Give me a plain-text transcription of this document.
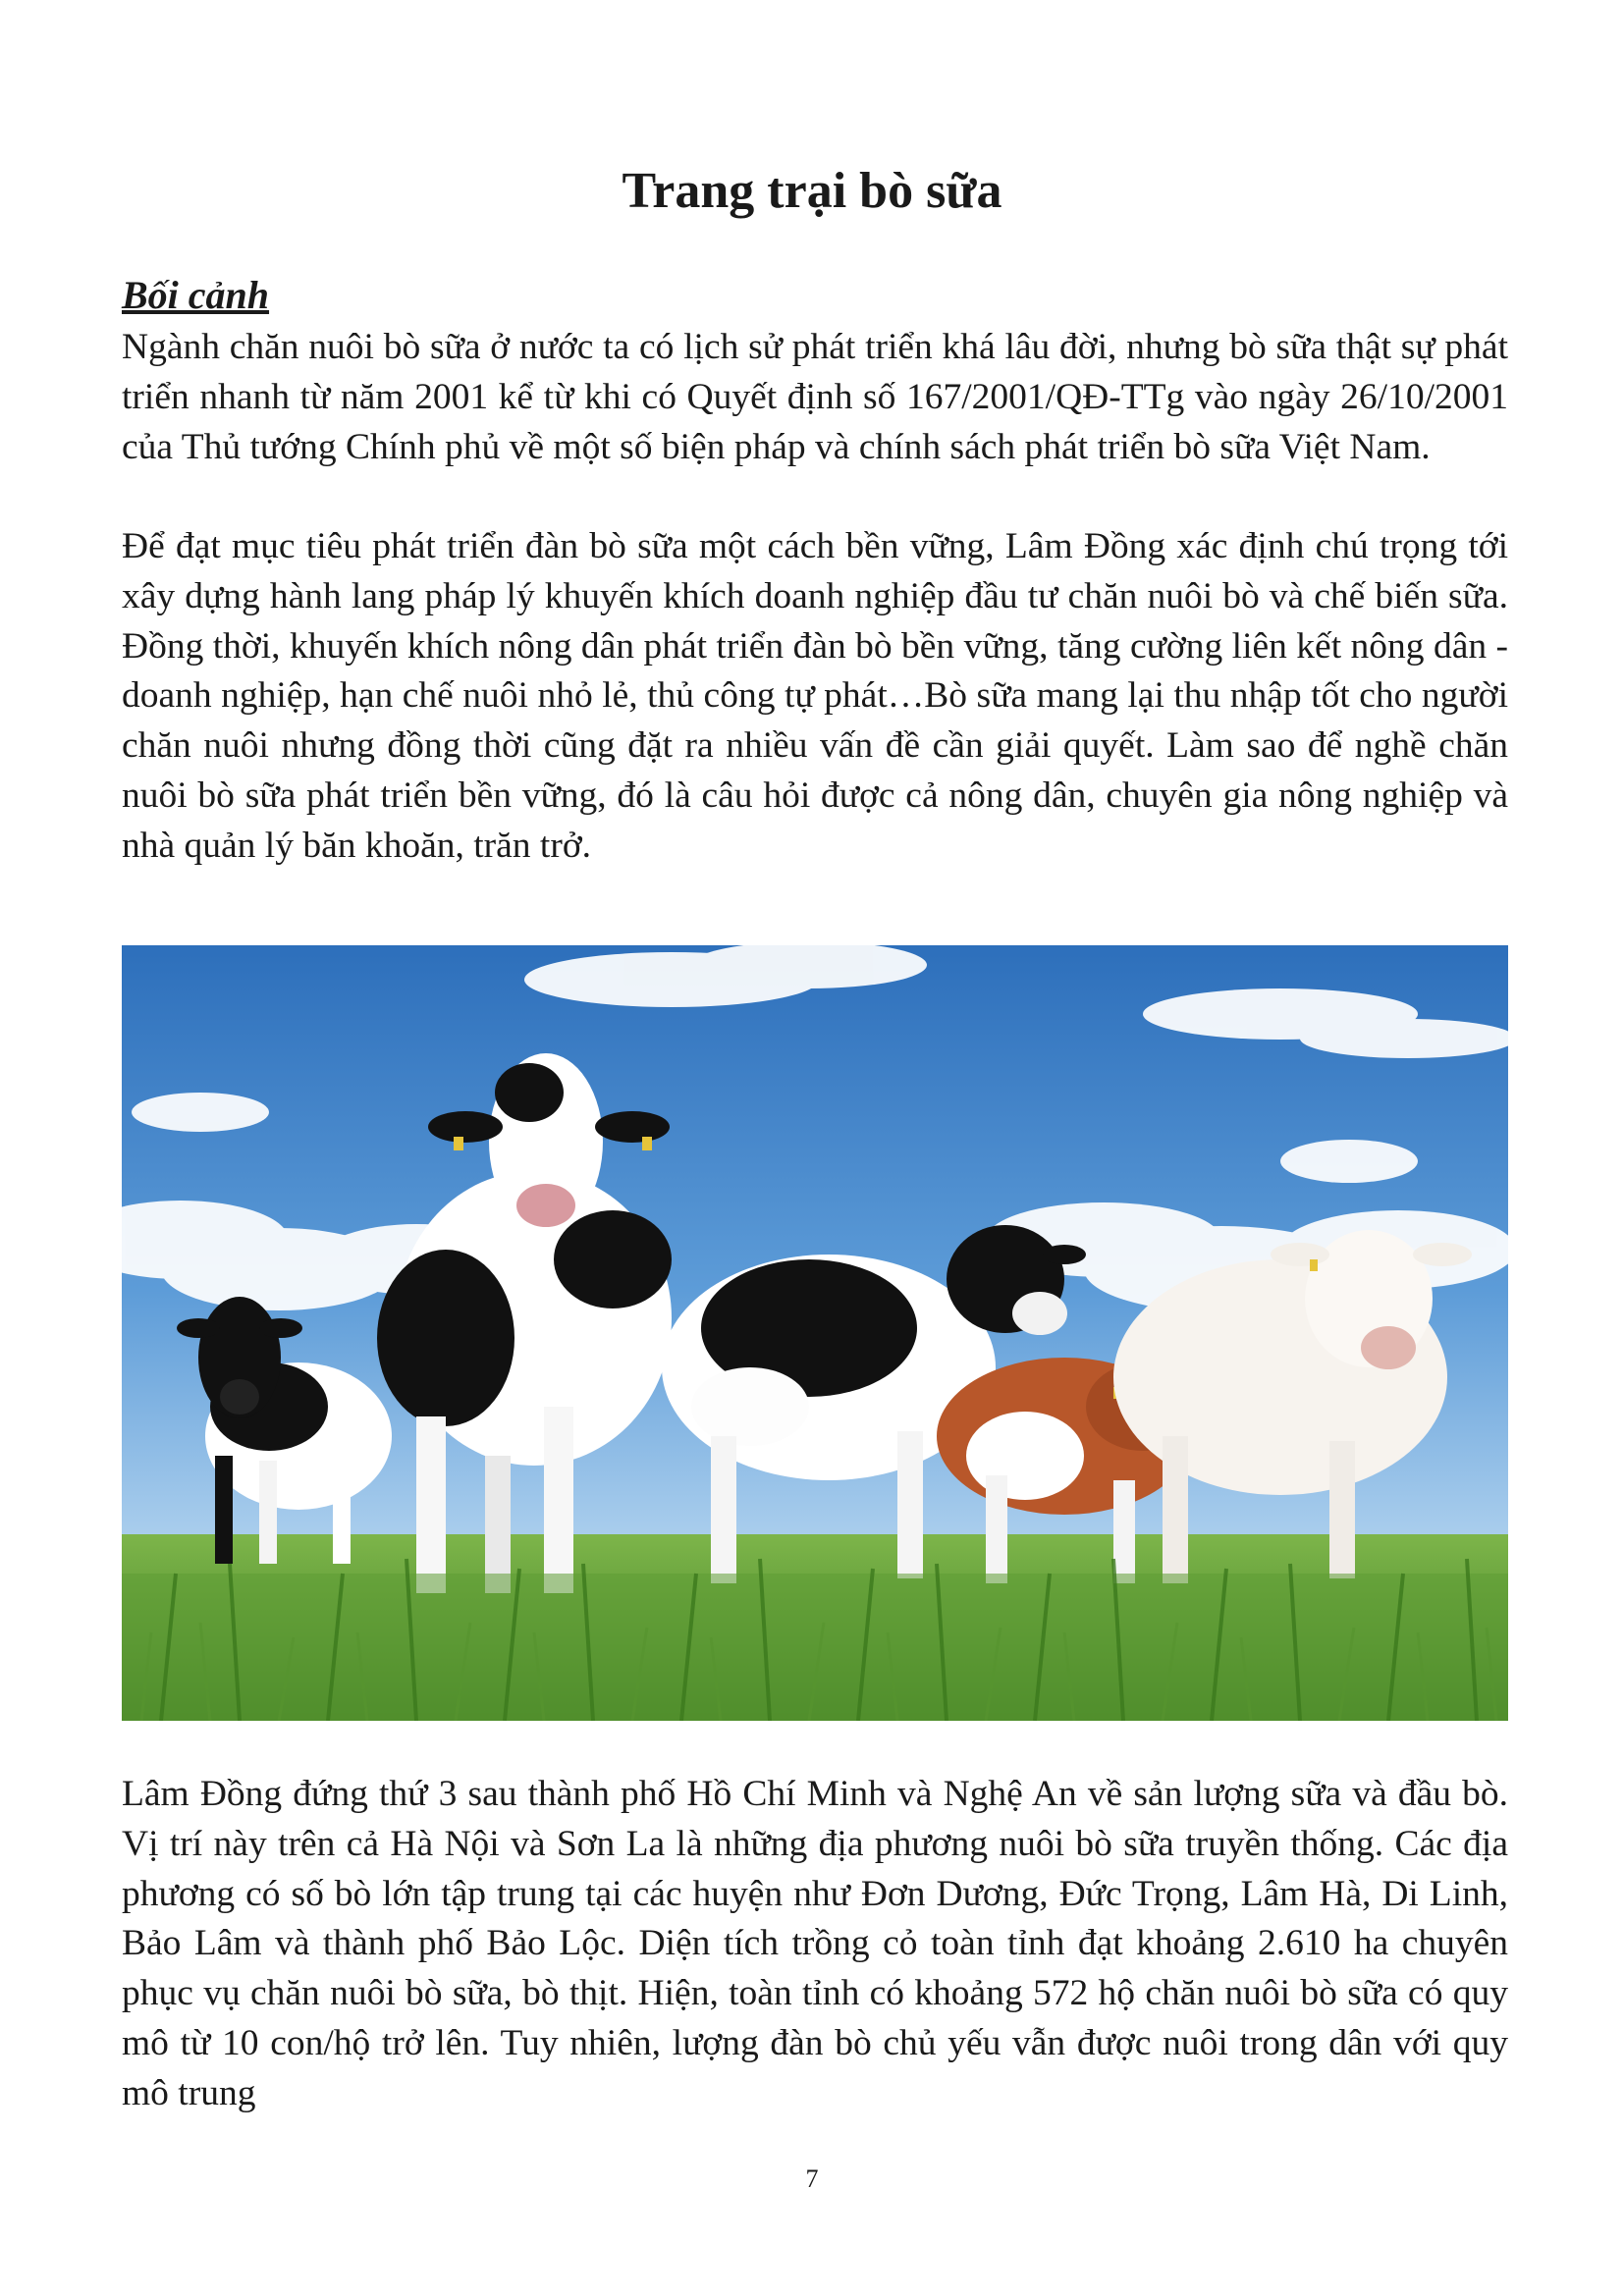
Trang trại bò sữa
Bối cảnh

Ngành chăn nuôi bò sữa ở nước ta có lịch sử phát triển khá lâu đời, nhưng bò sữa thật sự phát triển nhanh từ năm 2001 kể từ khi có Quyết định số 167/2001/QĐ-TTg vào ngày 26/10/2001 của Thủ tướng Chính phủ về một số biện pháp và chính sách phát triển bò sữa Việt Nam.

Để đạt mục tiêu phát triển đàn bò sữa một cách bền vững, Lâm Đồng xác định chú trọng tới xây dựng hành lang pháp lý khuyến khích doanh nghiệp đầu tư chăn nuôi bò và chế biến sữa. Đồng thời, khuyến khích nông dân phát triển đàn bò bền vững, tăng cường liên kết nông dân - doanh nghiệp, hạn chế nuôi nhỏ lẻ, thủ công tự phát…Bò sữa mang lại thu nhập tốt cho người chăn nuôi nhưng đồng thời cũng đặt ra nhiều vấn đề cần giải quyết. Làm sao để nghề chăn nuôi bò sữa phát triển bền vững, đó là câu hỏi được cả nông dân, chuyên gia nông nghiệp và nhà quản lý băn khoăn, trăn trở.

Lâm Đồng đứng thứ 3 sau thành phố Hồ Chí Minh và Nghệ An về sản lượng sữa và đầu bò. Vị trí này trên cả Hà Nội và Sơn La là những địa phương nuôi bò sữa truyền thống. Các địa phương có số bò lớn tập trung tại các huyện như Đơn Dương, Đức Trọng, Lâm Hà, Di Linh, Bảo Lâm và thành phố Bảo Lộc. Diện tích trồng cỏ toàn tỉnh đạt khoảng 2.610 ha chuyên phục vụ chăn nuôi bò sữa, bò thịt. Hiện, toàn tỉnh có khoảng 572 hộ chăn nuôi bò sữa có quy mô từ 10 con/hộ trở lên. Tuy nhiên, lượng đàn bò chủ yếu vẫn được nuôi trong dân với quy mô trung

7
